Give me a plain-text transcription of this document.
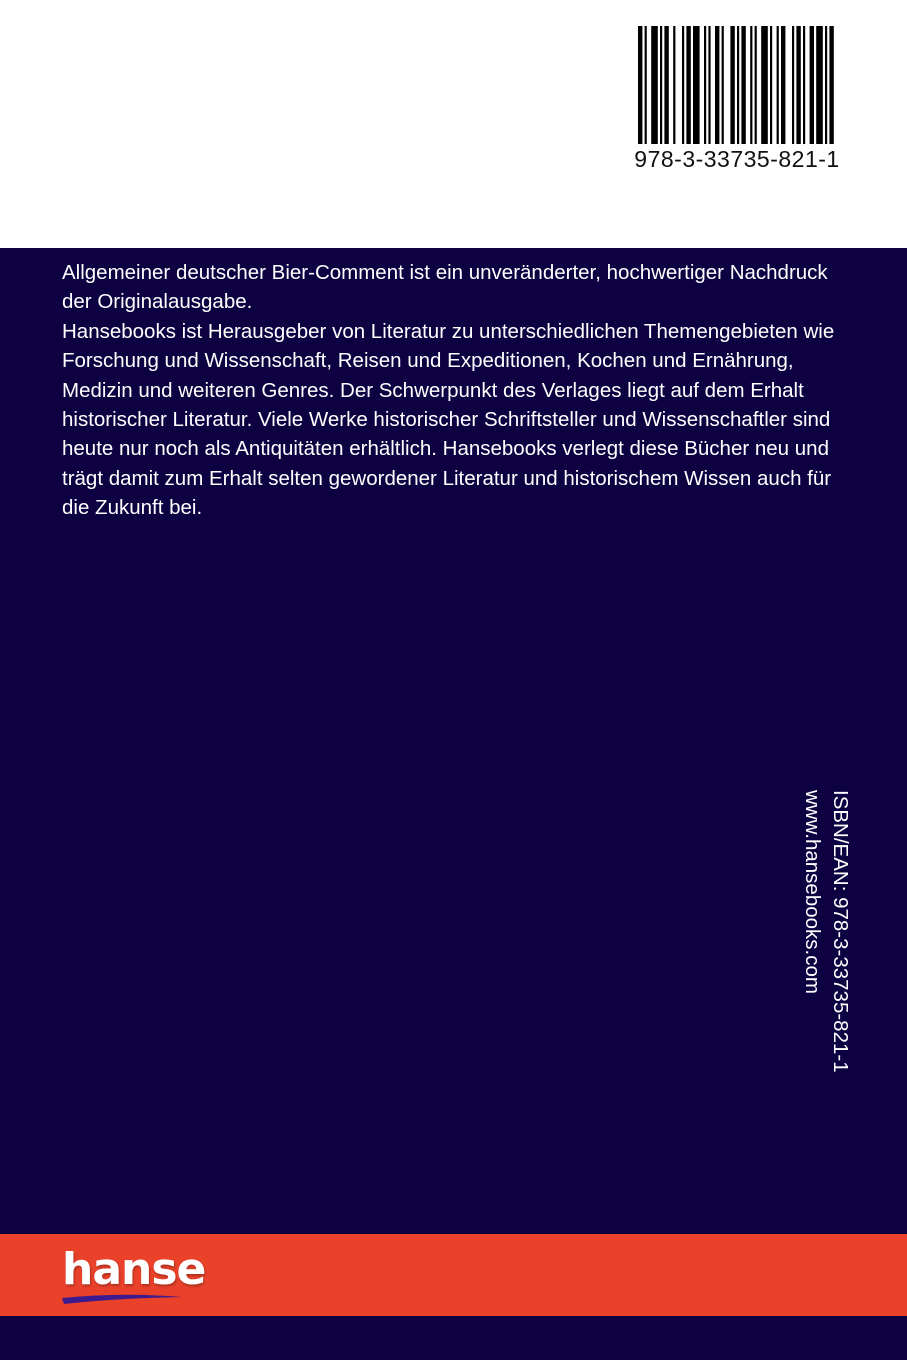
978-3-33735-821-1

Allgemeiner deutscher Bier-Comment ist ein unveränderter, hochwertiger Nachdruck der Originalausgabe.

Hansebooks ist Herausgeber von Literatur zu unterschiedlichen Themengebieten wie Forschung und Wissenschaft, Reisen und Expeditionen, Kochen und Ernährung, Medizin und weiteren Genres. Der Schwerpunkt des Verlages liegt auf dem Erhalt historischer Literatur. Viele Werke historischer Schriftsteller und Wissenschaftler sind heute nur noch als Antiquitäten erhältlich. Hansebooks verlegt diese Bücher neu und trägt damit zum Erhalt selten gewordener Literatur und historischem Wissen auch für die Zukunft bei.

ISBN/EAN: 978-3-33735-821-1
www.hansebooks.com
hanse
